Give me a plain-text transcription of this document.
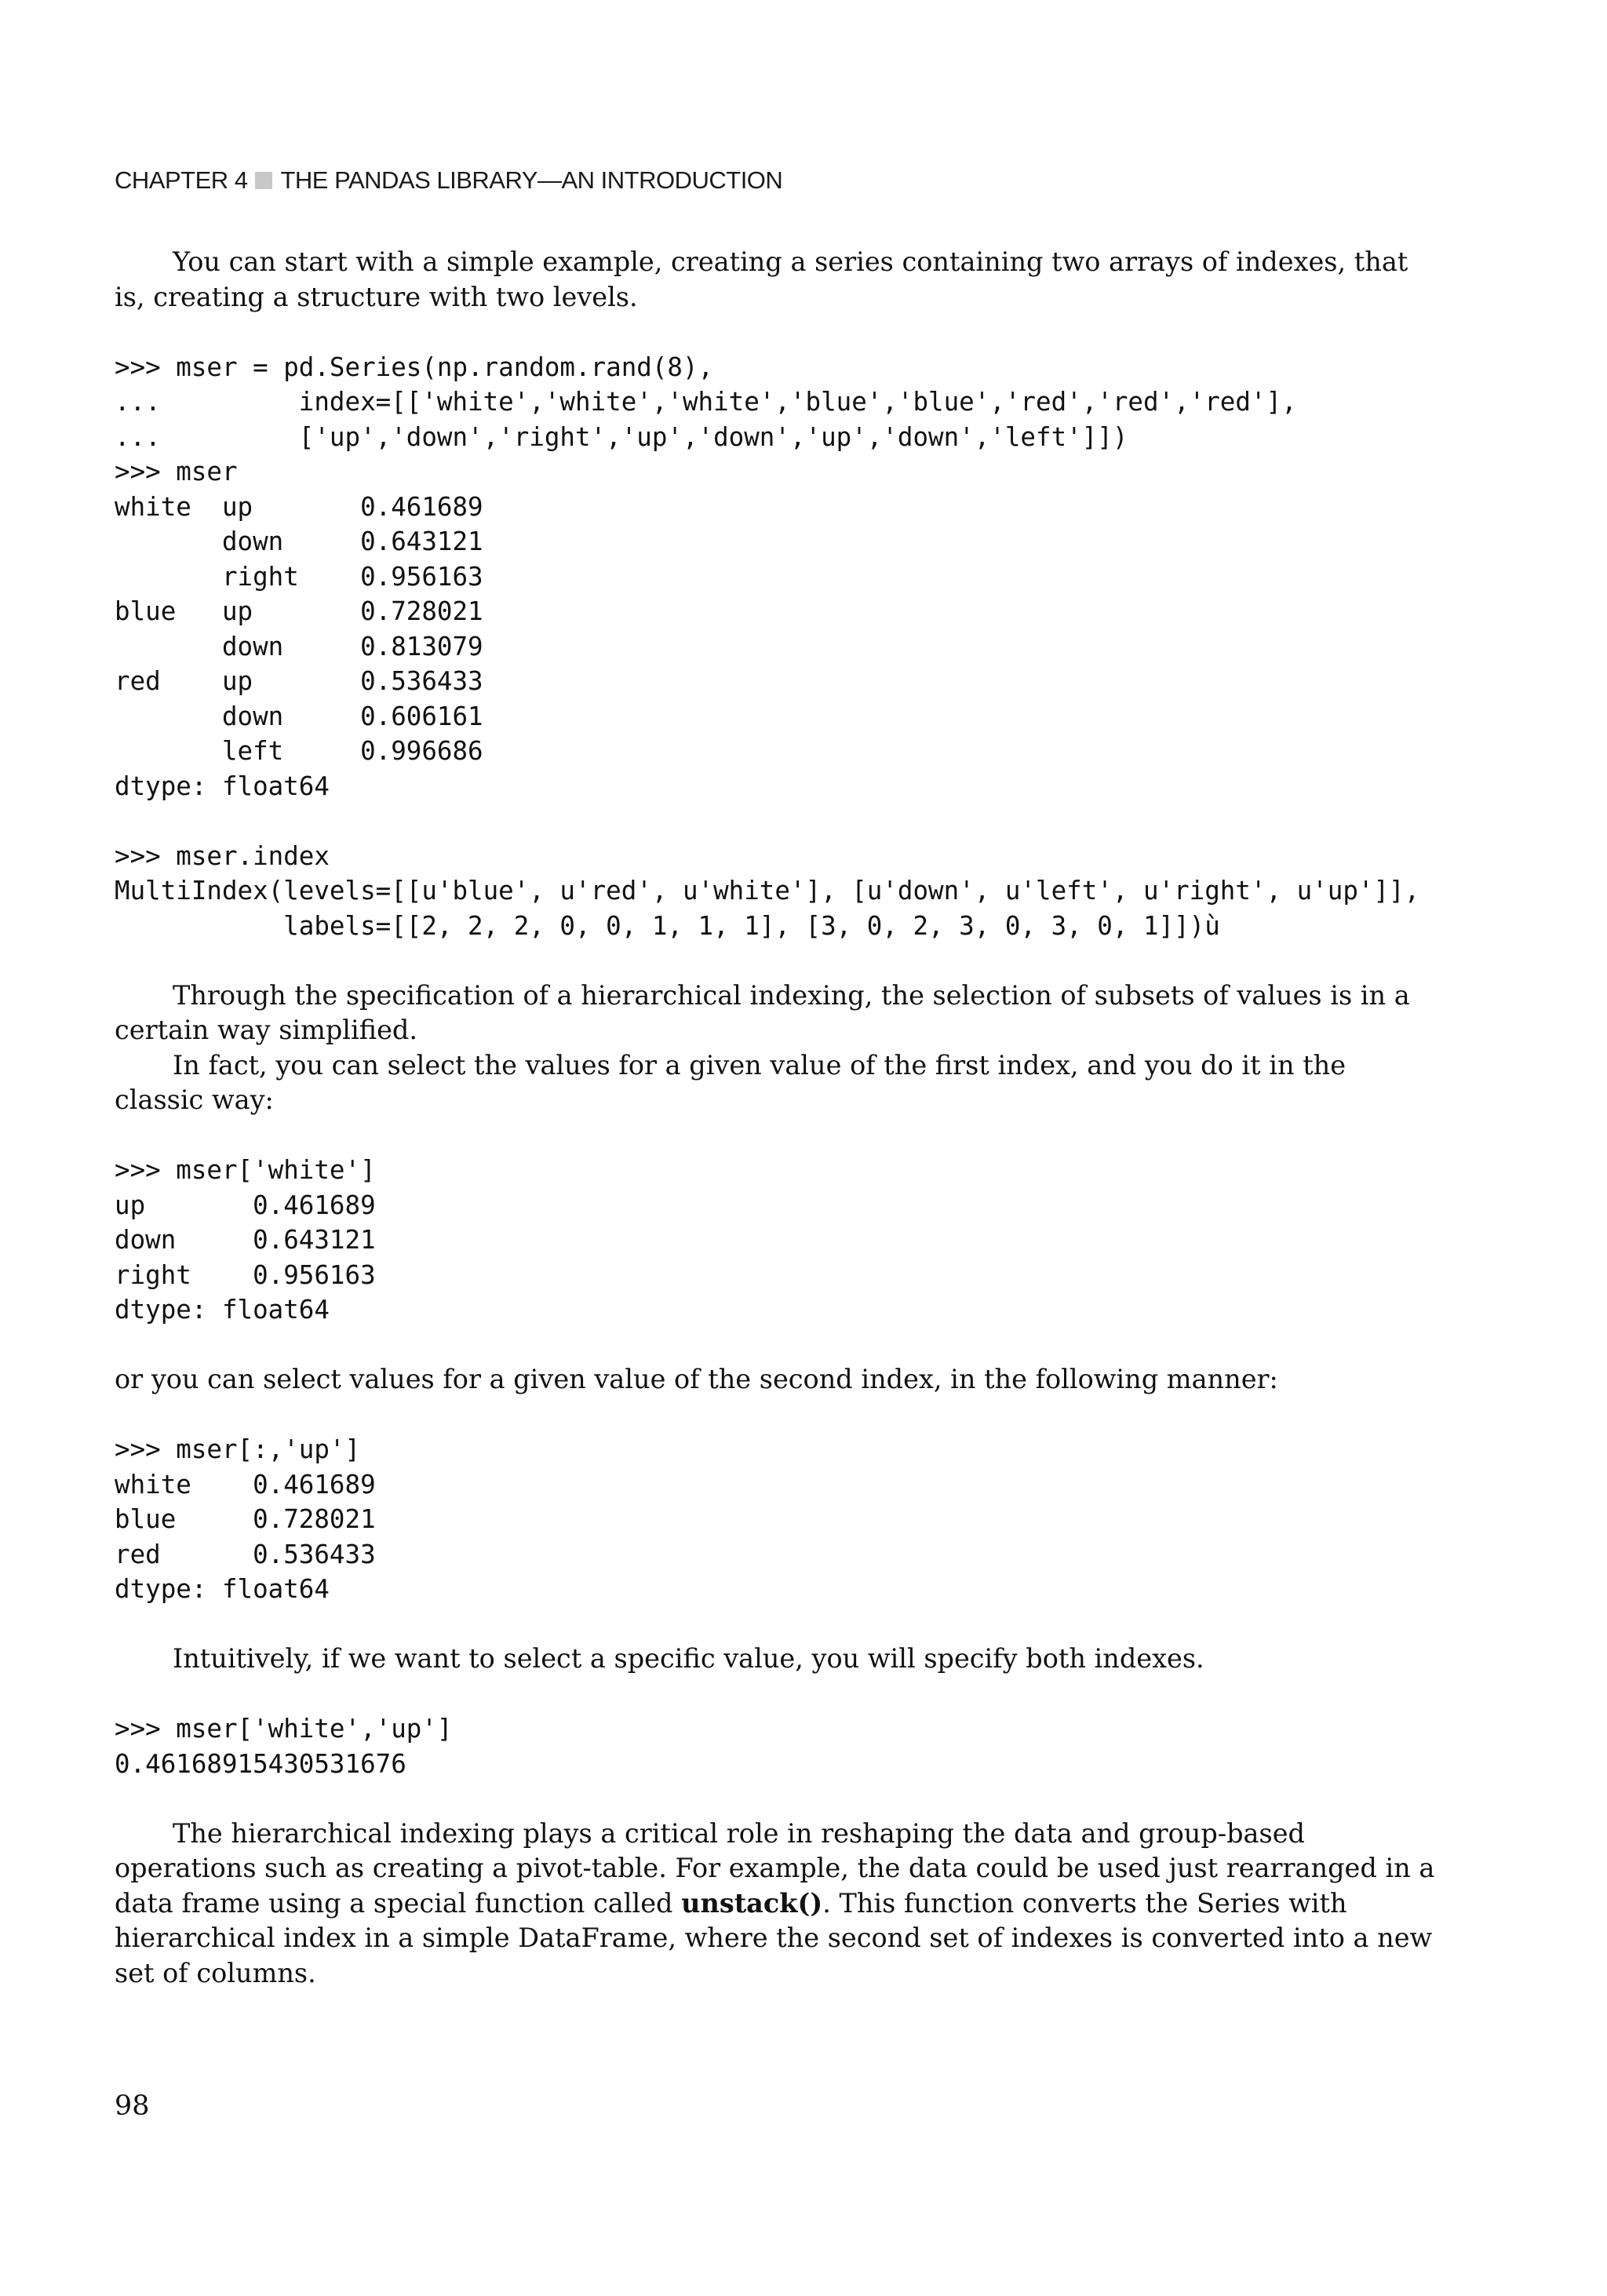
CHAPTER 4 THE PANDAS LIBRARY—AN INTRODUCTION

You can start with a simple example, creating a series containing two arrays of indexes, that is, creating a structure with two levels.

>>> mser = pd.Series(np.random.rand(8),
...         index=[['white','white','white','blue','blue','red','red','red'],
...         ['up','down','right','up','down','up','down','left']])
>>> mser
white  up       0.461689
down     0.643121
right    0.956163
blue   up       0.728021
down     0.813079
red    up       0.536433
down     0.606161
left     0.996686
dtype: float64
>>> mser.index
MultiIndex(levels=[[u'blue', u'red', u'white'], [u'down', u'left', u'right', u'up']],
labels=[[2, 2, 2, 0, 0, 1, 1, 1], [3, 0, 2, 3, 0, 3, 0, 1]])ù

Through the specification of a hierarchical indexing, the selection of subsets of values is in a certain way simplified.

In fact, you can select the values for a given value of the first index, and you do it in the classic way:

>>> mser['white']
up       0.461689
down     0.643121
right    0.956163
dtype: float64

or you can select values for a given value of the second index, in the following manner:

>>> mser[:,'up']
white    0.461689
blue     0.728021
red      0.536433
dtype: float64

Intuitively, if we want to select a specific value, you will specify both indexes.

>>> mser['white','up']
0.46168915430531676

The hierarchical indexing plays a critical role in reshaping the data and group-based operations such as creating a pivot-table. For example, the data could be used just rearranged in a data frame using a special function called unstack(). This function converts the Series with hierarchical index in a simple DataFrame, where the second set of indexes is converted into a new set of columns.

98
